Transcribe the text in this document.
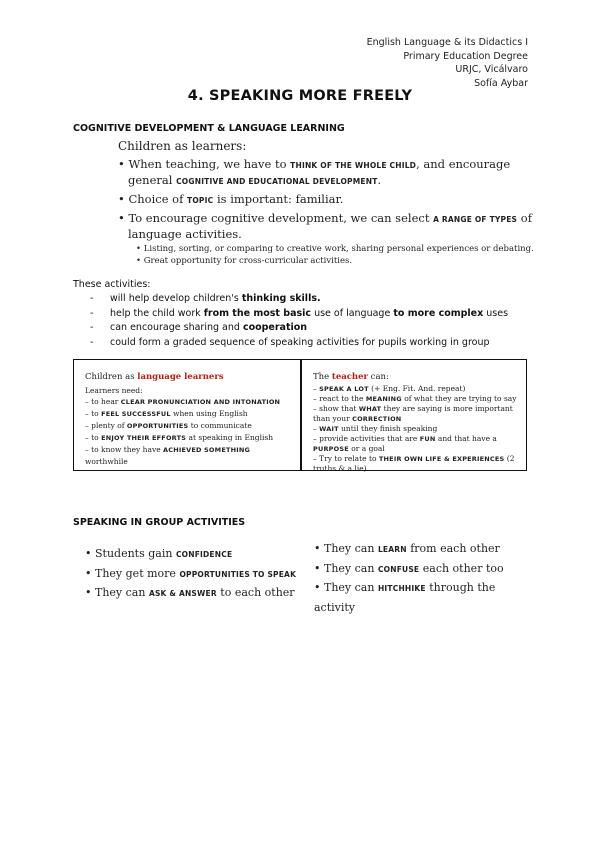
English Language & its Didactics I
Primary Education Degree
URJC, Vicálvaro
Sofía Aybar
4. SPEAKING MORE FREELY
COGNITIVE DEVELOPMENT & LANGUAGE LEARNING
Children as learners:
• When teaching, we have to THINK OF THE WHOLE CHILD, and encourage general COGNITIVE AND EDUCATIONAL DEVELOPMENT.
• Choice of TOPIC is important: familiar.
• To encourage cognitive development, we can select A RANGE OF TYPES of language activities.
• Listing, sorting, or comparing to creative work, sharing personal experiences or debating.
• Great opportunity for cross-curricular activities.
These activities:
- will help develop children's thinking skills.
- help the child work from the most basic use of language to more complex uses
- can encourage sharing and cooperation
- could form a graded sequence of speaking activities for pupils working in group
Children as language learners
Learners need:
– to hear CLEAR PRONUNCIATION AND INTONATION
– to FEEL SUCCESSFUL when using English
– plenty of OPPORTUNITIES to communicate
– to ENJOY THEIR EFFORTS at speaking in English
– to know they have ACHIEVED SOMETHING worthwhile
The teacher can:
– SPEAK A LOT (+ Eng. Fit. And. repeat)
– react to the MEANING of what they are trying to say
– show that WHAT they are saying is more important than your CORRECTION
– WAIT until they finish speaking
– provide activities that are FUN and that have a PURPOSE or a goal
– Try to relate to THEIR OWN LIFE & EXPERIENCES (2 truths & a lie)
SPEAKING IN GROUP ACTIVITIES
• Students gain CONFIDENCE
• They get more OPPORTUNITIES TO SPEAK
• They can ASK & ANSWER to each other
• They can LEARN from each other
• They can CONFUSE each other too
• They can HITCHHIKE through the activity
